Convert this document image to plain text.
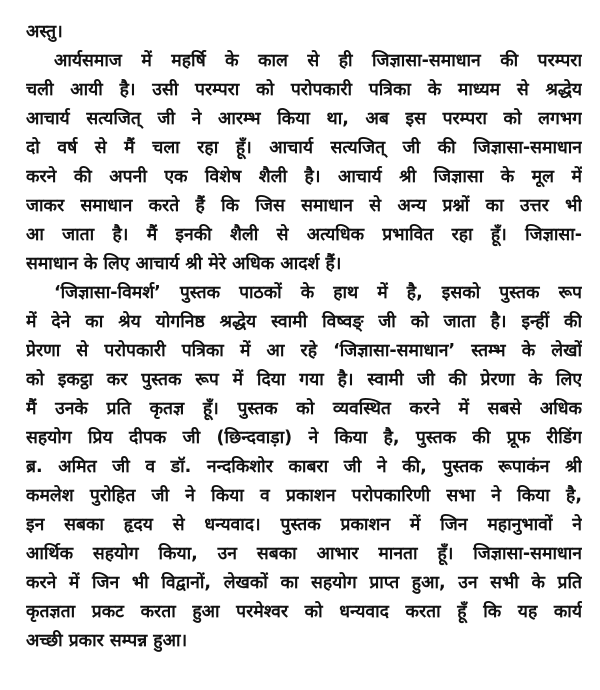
अस्तु।
आर्यसमाज में महर्षि के काल से ही जिज्ञासा-समाधान की परम्परा
चली आयी है। उसी परम्परा को परोपकारी पत्रिका के माध्यम से श्रद्धेय
आचार्य सत्यजित् जी ने आरम्भ किया था, अब इस परम्परा को लगभग
दो वर्ष से मैं चला रहा हूँ। आचार्य सत्यजित् जी की जिज्ञासा-समाधान
करने की अपनी एक विशेष शैली है। आचार्य श्री जिज्ञासा के मूल में
जाकर समाधान करते हैं कि जिस समाधान से अन्य प्रश्नों का उत्तर भी
आ जाता है। मैं इनकी शैली से अत्यधिक प्रभावित रहा हूँ। जिज्ञासा-
समाधान के लिए आचार्य श्री मेरे अधिक आदर्श हैं।
‘जिज्ञासा-विमर्श’ पुस्तक पाठकों के हाथ में है, इसको पुस्तक रूप
में देने का श्रेय योगनिष्ठ श्रद्धेय स्वामी विष्वङ् जी को जाता है। इन्हीं की
प्रेरणा से परोपकारी पत्रिका में आ रहे ‘जिज्ञासा-समाधान’ स्तम्भ के लेखों
को इकट्ठा कर पुस्तक रूप में दिया गया है। स्वामी जी की प्रेरणा के लिए
मैं उनके प्रति कृतज्ञ हूँ। पुस्तक को व्यवस्थित करने में सबसे अधिक
सहयोग प्रिय दीपक जी (छिन्दवाड़ा) ने किया है, पुस्तक की प्रूफ रीडिंग
ब्र. अमित जी व डॉ. नन्दकिशोर काबरा जी ने की, पुस्तक रूपाकंन श्री
कमलेश पुरोहित जी ने किया व प्रकाशन परोपकारिणी सभा ने किया है,
इन सबका हृदय से धन्यवाद। पुस्तक प्रकाशन में जिन महानुभावों ने
आर्थिक सहयोग किया, उन सबका आभार मानता हूँ। जिज्ञासा-समाधान
करने में जिन भी विद्वानों, लेखकों का सहयोग प्राप्त हुआ, उन सभी के प्रति
कृतज्ञता प्रकट करता हुआ परमेश्वर को धन्यवाद करता हूँ कि यह कार्य
अच्छी प्रकार सम्पन्न हुआ।
